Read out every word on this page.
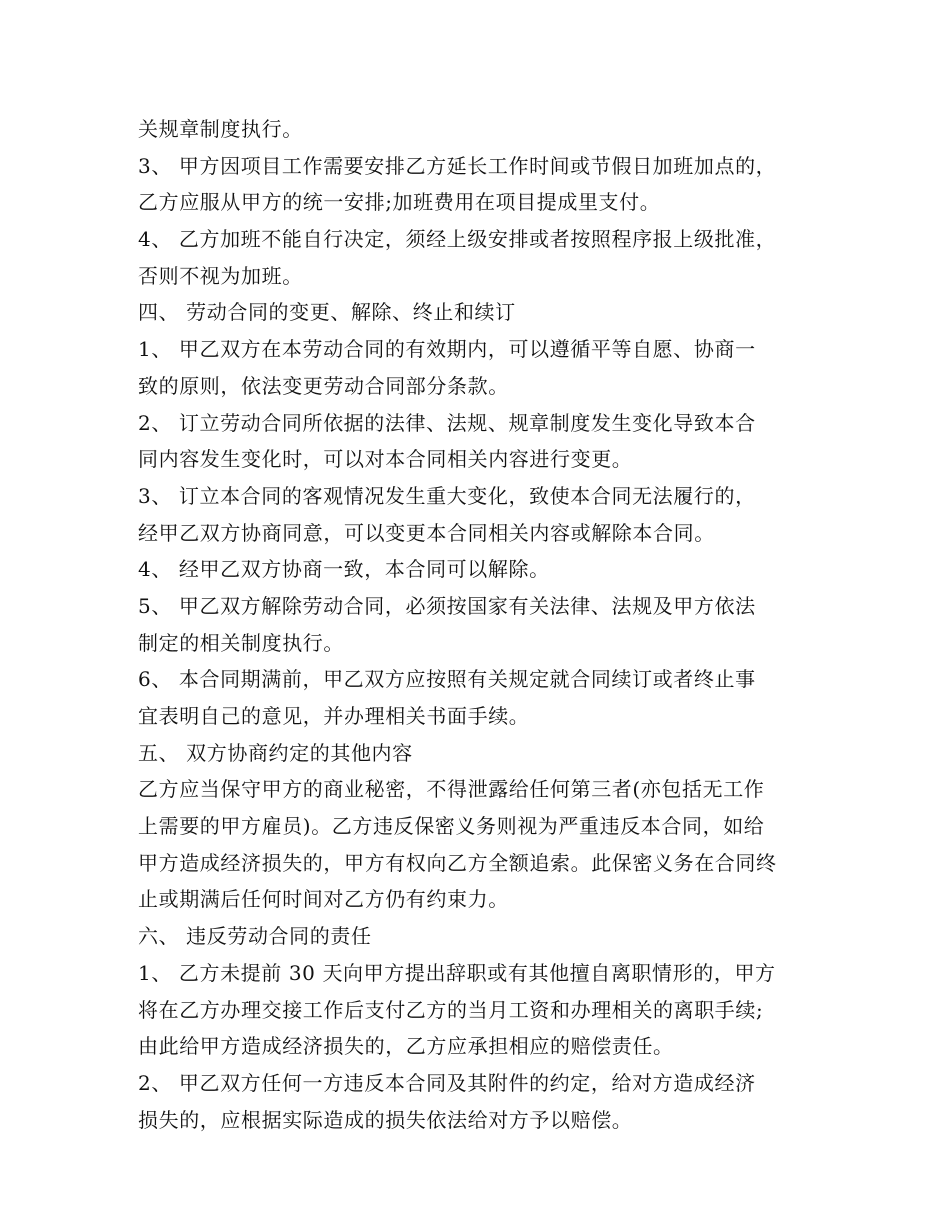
关规章制度执行。
3、 甲方因项目工作需要安排乙方延长工作时间或节假日加班加点的，
乙方应服从甲方的统一安排;加班费用在项目提成里支付。
4、 乙方加班不能自行决定，须经上级安排或者按照程序报上级批准，
否则不视为加班。
四、 劳动合同的变更、解除、终止和续订
1、 甲乙双方在本劳动合同的有效期内，可以遵循平等自愿、协商一
致的原则，依法变更劳动合同部分条款。
2、 订立劳动合同所依据的法律、法规、规章制度发生变化导致本合
同内容发生变化时，可以对本合同相关内容进行变更。
3、 订立本合同的客观情况发生重大变化，致使本合同无法履行的，
经甲乙双方协商同意，可以变更本合同相关内容或解除本合同。
4、 经甲乙双方协商一致，本合同可以解除。
5、 甲乙双方解除劳动合同，必须按国家有关法律、法规及甲方依法
制定的相关制度执行。
6、 本合同期满前，甲乙双方应按照有关规定就合同续订或者终止事
宜表明自己的意见，并办理相关书面手续。
五、 双方协商约定的其他内容
乙方应当保守甲方的商业秘密，不得泄露给任何第三者(亦包括无工作
上需要的甲方雇员)。乙方违反保密义务则视为严重违反本合同，如给
甲方造成经济损失的，甲方有权向乙方全额追索。此保密义务在合同终
止或期满后任何时间对乙方仍有约束力。
六、 违反劳动合同的责任
1、 乙方未提前 30 天向甲方提出辞职或有其他擅自离职情形的，甲方
将在乙方办理交接工作后支付乙方的当月工资和办理相关的离职手续;
由此给甲方造成经济损失的，乙方应承担相应的赔偿责任。
2、 甲乙双方任何一方违反本合同及其附件的约定，给对方造成经济
损失的，应根据实际造成的损失依法给对方予以赔偿。
